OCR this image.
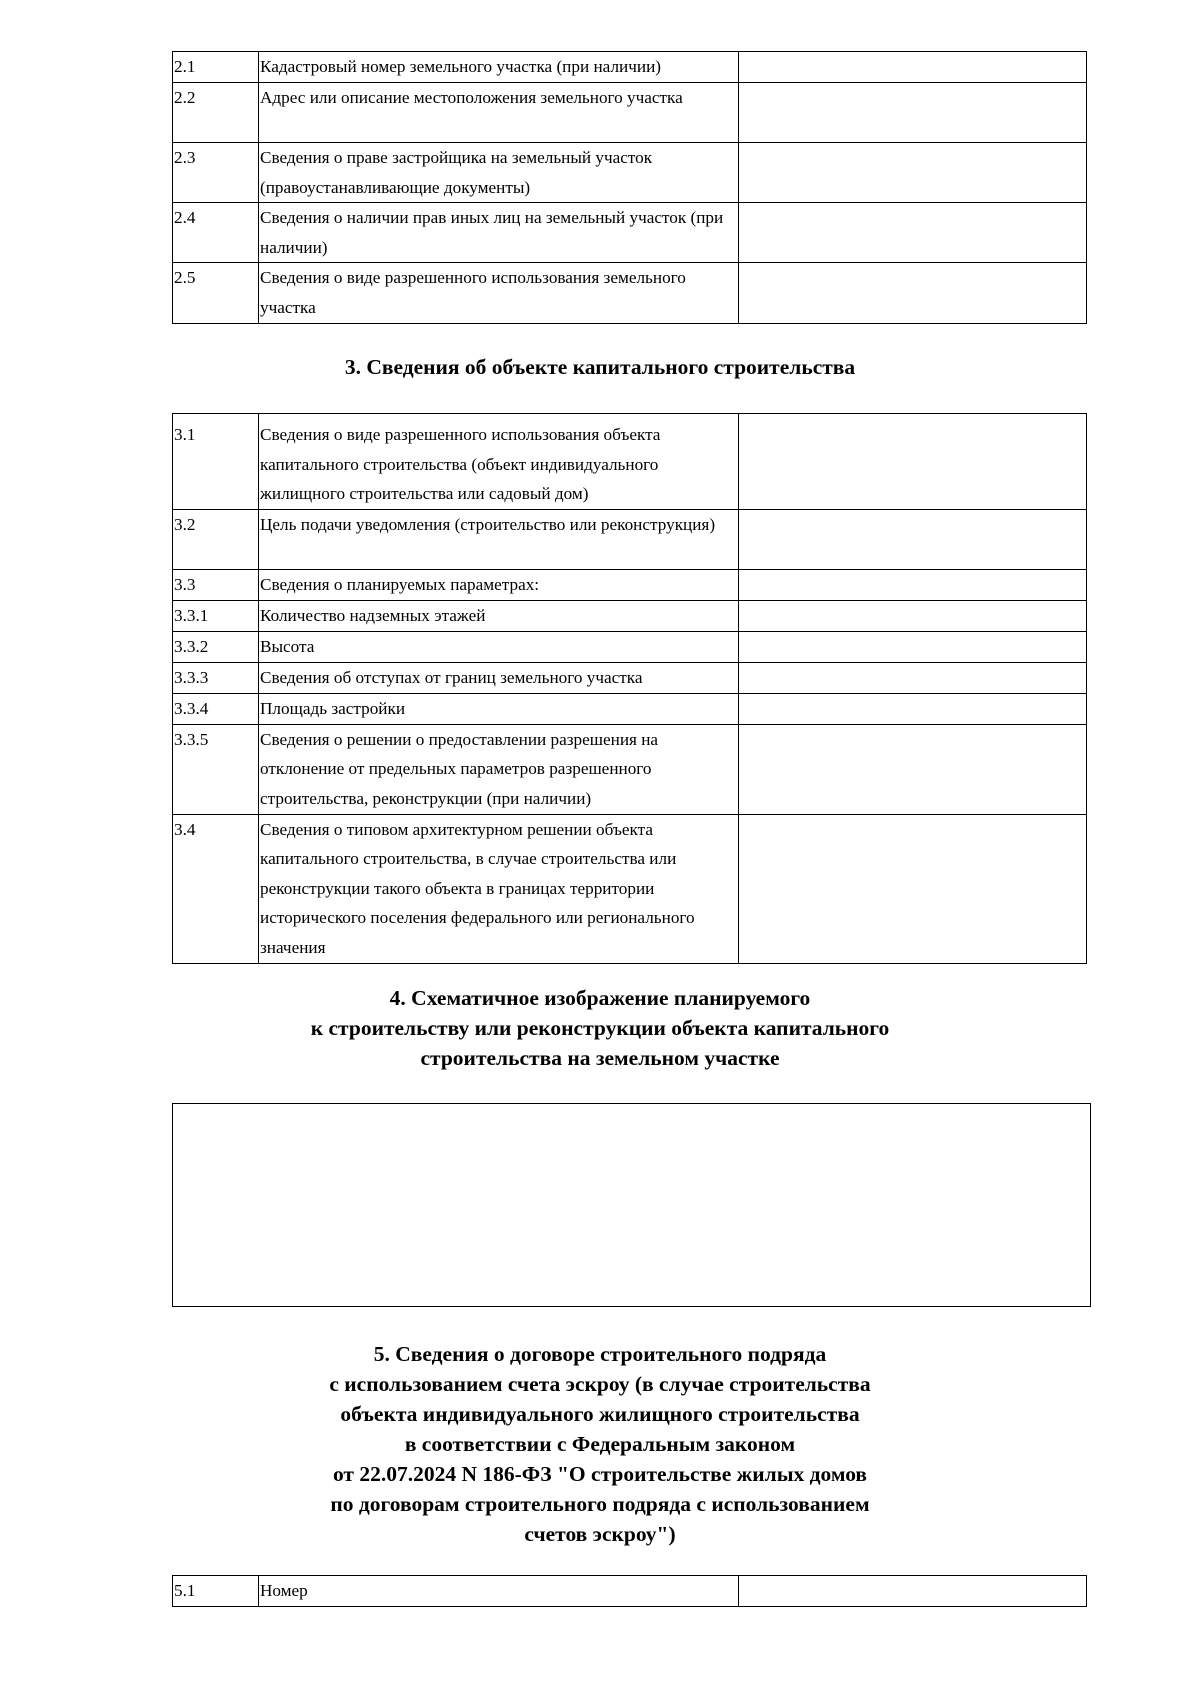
2.1	Кадастровый номер земельного участка (при наличии)	
2.2	Адрес или описание местоположения земельного участка	
2.3	Сведения о праве застройщика на земельный участок (правоустанавливающие документы)	
2.4	Сведения о наличии прав иных лиц на земельный участок (при наличии)	
2.5	Сведения о виде разрешенного использования земельного участка	
3. Сведения об объекте капитального строительства
3.1	Сведения о виде разрешенного использования объекта капитального строительства (объект индивидуального жилищного строительства или садовый дом)	
3.2	Цель подачи уведомления (строительство или реконструкция)	
3.3	Сведения о планируемых параметрах:	
3.3.1	Количество надземных этажей	
3.3.2	Высота	
3.3.3	Сведения об отступах от границ земельного участка	
3.3.4	Площадь застройки	
3.3.5	Сведения о решении о предоставлении разрешения на отклонение от предельных параметров разрешенного строительства, реконструкции (при наличии)	
3.4	Сведения о типовом архитектурном решении объекта капитального строительства, в случае строительства или реконструкции такого объекта в границах территории исторического поселения федерального или регионального значения	
4. Схематичное изображение планируемого
к строительству или реконструкции объекта капитального
строительства на земельном участке
5. Сведения о договоре строительного подряда
с использованием счета эскроу (в случае строительства
объекта индивидуального жилищного строительства
в соответствии с Федеральным законом
от 22.07.2024 N 186-ФЗ "О строительстве жилых домов
по договорам строительного подряда с использованием
счетов эскроу")
5.1	Номер	
